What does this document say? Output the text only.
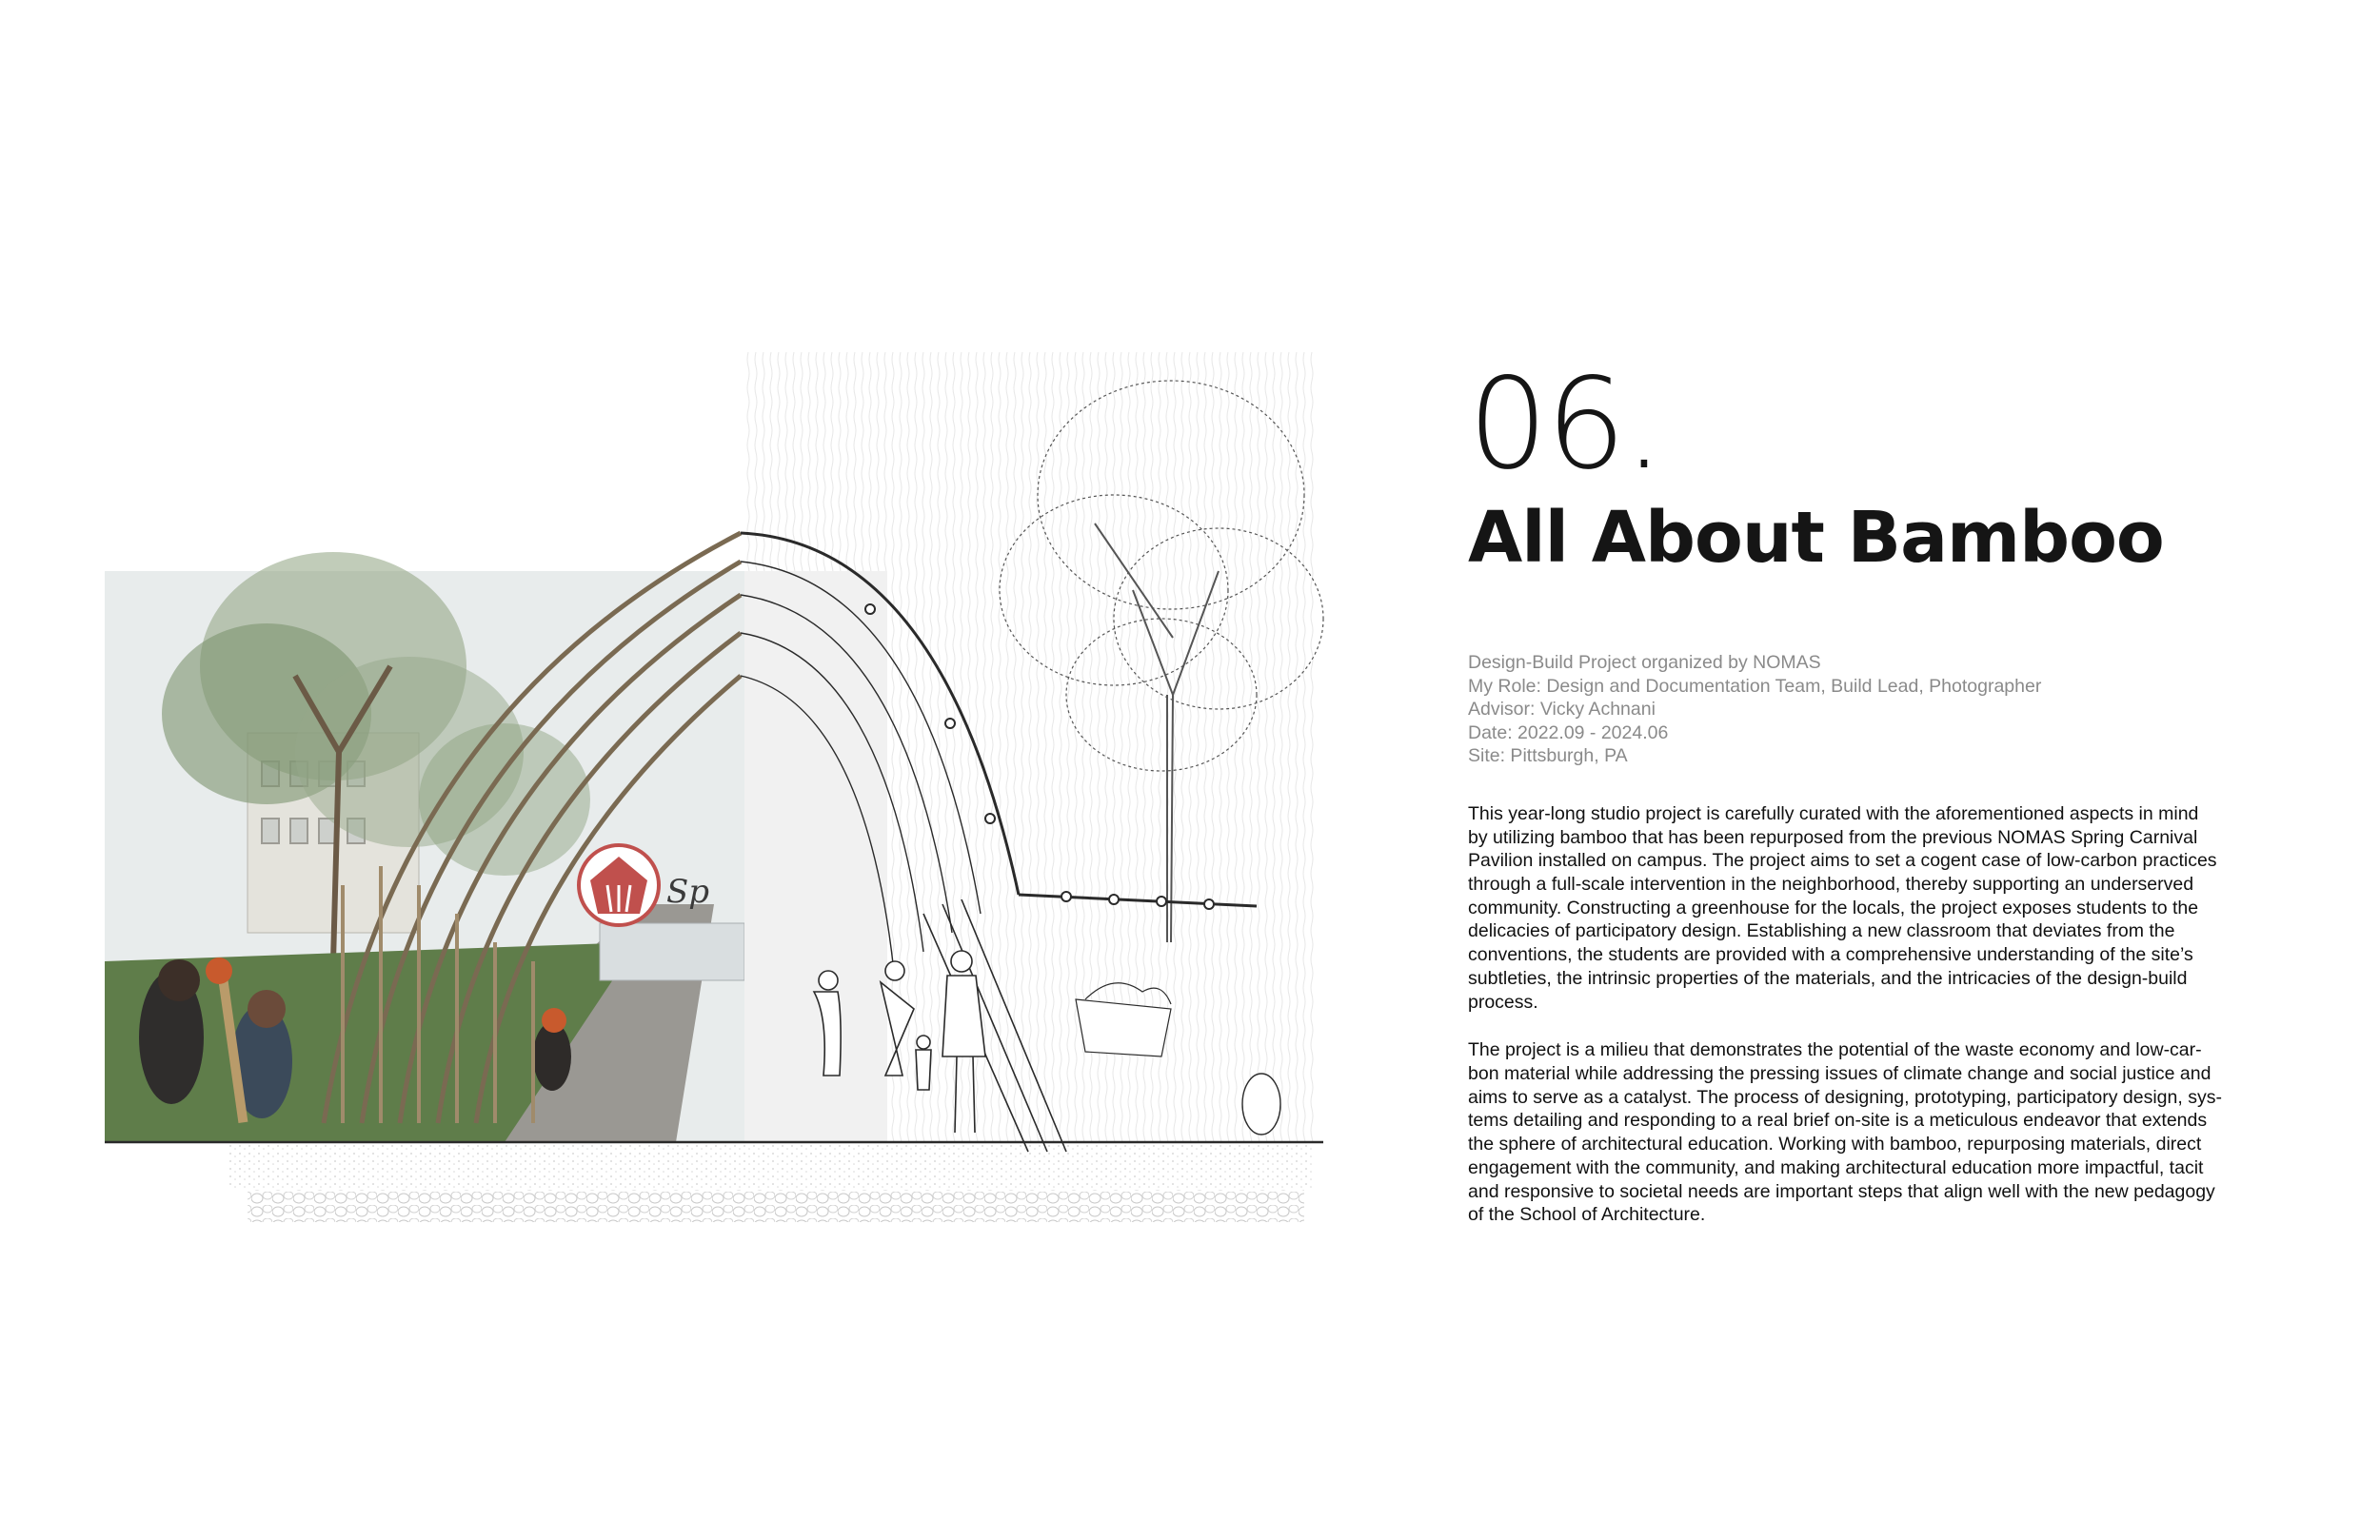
Sp
06.
All About Bamboo
Design-Build Project organized by NOMAS
My Role: Design and Documentation Team, Build Lead, Photographer
Advisor: Vicky Achnani
Date: 2022.09 - 2024.06
Site: Pittsburgh, PA

This year-long studio project is carefully curated with the aforementioned aspects in mind
by utilizing bamboo that has been repurposed from the previous NOMAS Spring Carnival
Pavilion installed on campus. The project aims to set a cogent case of low-carbon practices
through a full-scale intervention in the neighborhood, thereby supporting an underserved
community. Constructing a greenhouse for the locals, the project exposes students to the
delicacies of participatory design. Establishing a new classroom that deviates from the
conventions, the students are provided with a comprehensive understanding of the site’s
subtleties, the intrinsic properties of the materials, and the intricacies of the design-build
process.

The project is a milieu that demonstrates the potential of the waste economy and low-car-
bon material while addressing the pressing issues of climate change and social justice and
aims to serve as a catalyst. The process of designing, prototyping, participatory design, sys-
tems detailing and responding to a real brief on-site is a meticulous endeavor that extends
the sphere of architectural education. Working with bamboo, repurposing materials, direct
engagement with the community, and making architectural education more impactful, tacit
and responsive to societal needs are important steps that align well with the new pedagogy
of the School of Architecture.
